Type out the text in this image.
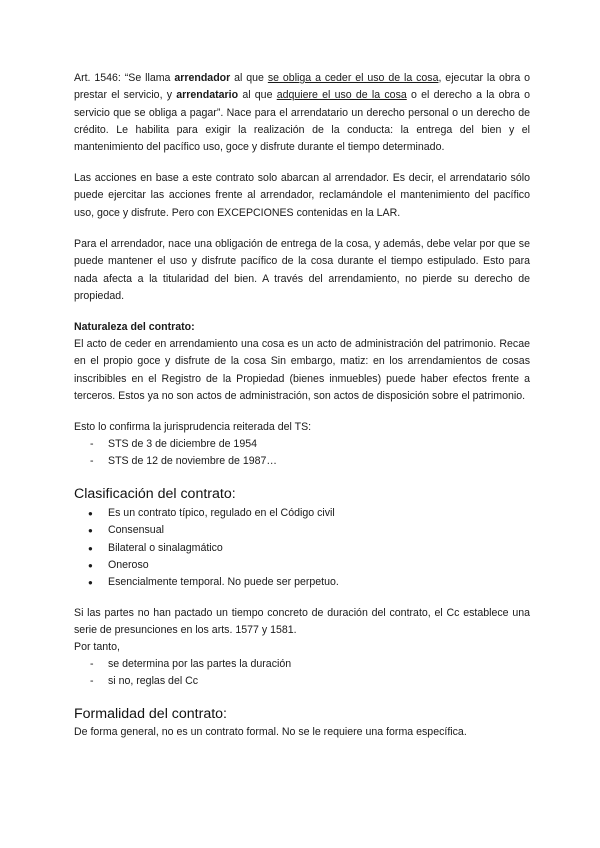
Art. 1546: “Se llama arrendador al que se obliga a ceder el uso de la cosa, ejecutar la obra o prestar el servicio, y arrendatario al que adquiere el uso de la cosa o el derecho a la obra o servicio que se obliga a pagar”. Nace para el arrendatario un derecho personal o un derecho de crédito. Le habilita para exigir la realización de la conducta: la entrega del bien y el mantenimiento del pacífico uso, goce y disfrute durante el tiempo determinado.

Las acciones en base a este contrato solo abarcan al arrendador. Es decir, el arrendatario sólo puede ejercitar las acciones frente al arrendador, reclamándole el mantenimiento del pacífico uso, goce y disfrute. Pero con EXCEPCIONES contenidas en la LAR.

Para el arrendador, nace una obligación de entrega de la cosa, y además, debe velar por que se puede mantener el uso y disfrute pacífico de la cosa durante el tiempo estipulado. Esto para nada afecta a la titularidad del bien. A través del arrendamiento, no pierde su derecho de propiedad.

Naturaleza del contrato:

El acto de ceder en arrendamiento una cosa es un acto de administración del patrimonio. Recae en el propio goce y disfrute de la cosa Sin embargo, matiz: en los arrendamientos de cosas inscribibles en el Registro de la Propiedad (bienes inmuebles) puede haber efectos frente a terceros. Estos ya no son actos de administración, son actos de disposición sobre el patrimonio.

Esto lo confirma la jurisprudencia reiterada del TS:

- STS de 3 de diciembre de 1954
- STS de 12 de noviembre de 1987…
Clasificación del contrato:
● Es un contrato típico, regulado en el Código civil
● Consensual
● Bilateral o sinalagmático
● Oneroso
● Esencialmente temporal. No puede ser perpetuo.

Si las partes no han pactado un tiempo concreto de duración del contrato, el Cc establece una serie de presunciones en los arts. 1577 y 1581.

Por tanto,

- se determina por las partes la duración
- si no, reglas del Cc
Formalidad del contrato:

De forma general, no es un contrato formal. No se le requiere una forma específica.
